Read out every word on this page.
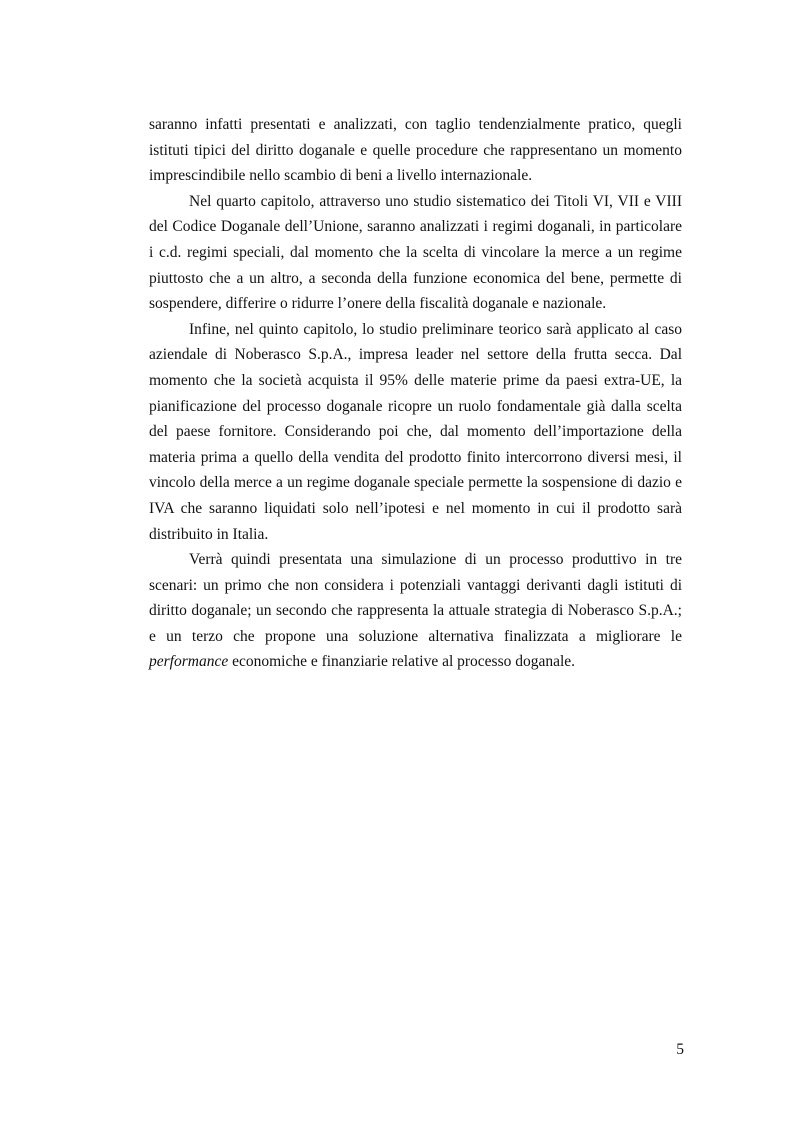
saranno infatti presentati e analizzati, con taglio tendenzialmente pratico, quegli istituti tipici del diritto doganale e quelle procedure che rappresentano un momento imprescindibile nello scambio di beni a livello internazionale.

Nel quarto capitolo, attraverso uno studio sistematico dei Titoli VI, VII e VIII del Codice Doganale dell’Unione, saranno analizzati i regimi doganali, in particolare i c.d. regimi speciali, dal momento che la scelta di vincolare la merce a un regime piuttosto che a un altro, a seconda della funzione economica del bene, permette di sospendere, differire o ridurre l’onere della fiscalità doganale e nazionale.

Infine, nel quinto capitolo, lo studio preliminare teorico sarà applicato al caso aziendale di Noberasco S.p.A., impresa leader nel settore della frutta secca. Dal momento che la società acquista il 95% delle materie prime da paesi extra-UE, la pianificazione del processo doganale ricopre un ruolo fondamentale già dalla scelta del paese fornitore. Considerando poi che, dal momento dell’importazione della materia prima a quello della vendita del prodotto finito intercorrono diversi mesi, il vincolo della merce a un regime doganale speciale permette la sospensione di dazio e IVA che saranno liquidati solo nell’ipotesi e nel momento in cui il prodotto sarà distribuito in Italia.

Verrà quindi presentata una simulazione di un processo produttivo in tre scenari: un primo che non considera i potenziali vantaggi derivanti dagli istituti di diritto doganale; un secondo che rappresenta la attuale strategia di Noberasco S.p.A.; e un terzo che propone una soluzione alternativa finalizzata a migliorare le performance economiche e finanziarie relative al processo doganale.

5
